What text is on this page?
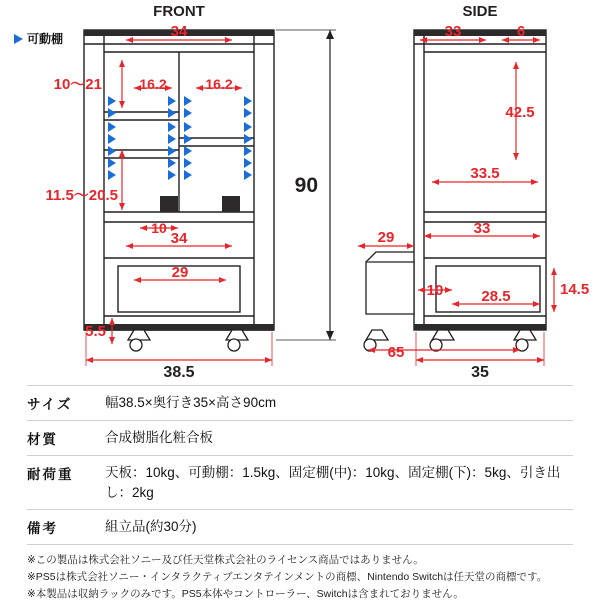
可動棚
FRONT	SIDE
34
10〜21	16.2	16.2
11.5〜20.5
10
34
29
5.5
38.5
90
33	6
42.5
33.5
29
33
10	28.5	14.5
65
35
サイズ	幅38.5×奥行き35×高さ90cm
材質	合成樹脂化粧合板
耐荷重	天板：10kg、可動棚：1.5kg、固定棚(中)：10kg、固定棚(下)：5kg、引き出し：2kg
備考	組立品(約30分)
※この製品は株式会社ソニー及び任天堂株式会社のライセンス商品ではありません。
※PS5は株式会社ソニー・インタラクティブエンタテインメントの商標、Nintendo Switchは任天堂の商標です。
※本製品は収納ラックのみです。PS5本体やコントローラー、Switchは含まれておりません。
